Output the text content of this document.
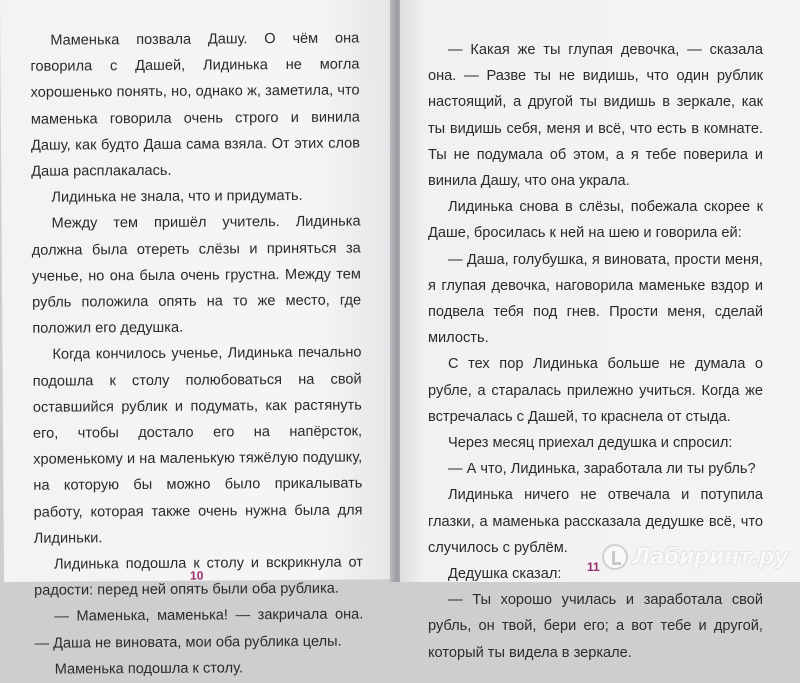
Маменька позвала Дашу. О чём она говорила с Дашей, Лидинька не могла хорошенько понять, но, однако ж, заметила, что маменька говорила очень строго и винила Дашу, как будто Даша сама взяла. От этих слов Даша расплакалась.

Лидинька не знала, что и придумать.

Между тем пришёл учитель. Лидинька должна была отереть слёзы и приняться за ученье, но она была очень грустна. Между тем рубль положила опять на то же место, где положил его дедушка.

Когда кончилось ученье, Лидинька печально подошла к столу полюбоваться на свой оставшийся рублик и подумать, как растянуть его, чтобы достало его на напёрсток, хроменькому и на маленькую тяжёлую подушку, на которую бы можно было прикалывать работу, которая также очень нужна была для Лидиньки.

Лидинька подошла к столу и вскрикнула от радости: перед ней опять были оба рублика.

— Маменька, маменька! — закричала она. — Даша не виновата, мои оба рублика целы.

Маменька подошла к столу.

10

— Какая же ты глупая девочка, — сказала она. — Разве ты не видишь, что один рублик настоящий, а другой ты видишь в зеркале, как ты видишь себя, меня и всё, что есть в комнате. Ты не подумала об этом, а я тебе поверила и винила Дашу, что она украла.

Лидинька снова в слёзы, побежала скорее к Даше, бросилась к ней на шею и говорила ей:

— Даша, голубушка, я виновата, прости меня, я глупая девочка, наговорила маменьке вздор и подвела тебя под гнев. Прости меня, сделай милость.

С тех пор Лидинька больше не думала о рубле, а старалась прилежно учиться. Когда же встречалась с Дашей, то краснела от стыда.

Через месяц приехал дедушка и спросил:

— А что, Лидинька, заработала ли ты рубль?

Лидинька ничего не отвечала и потупила глазки, а маменька рассказала дедушке всё, что случилось с рублём.

Дедушка сказал:

— Ты хорошо училась и заработала свой рубль, он твой, бери его; а вот тебе и другой, который ты видела в зеркале.

11 Лабиринт.ру
